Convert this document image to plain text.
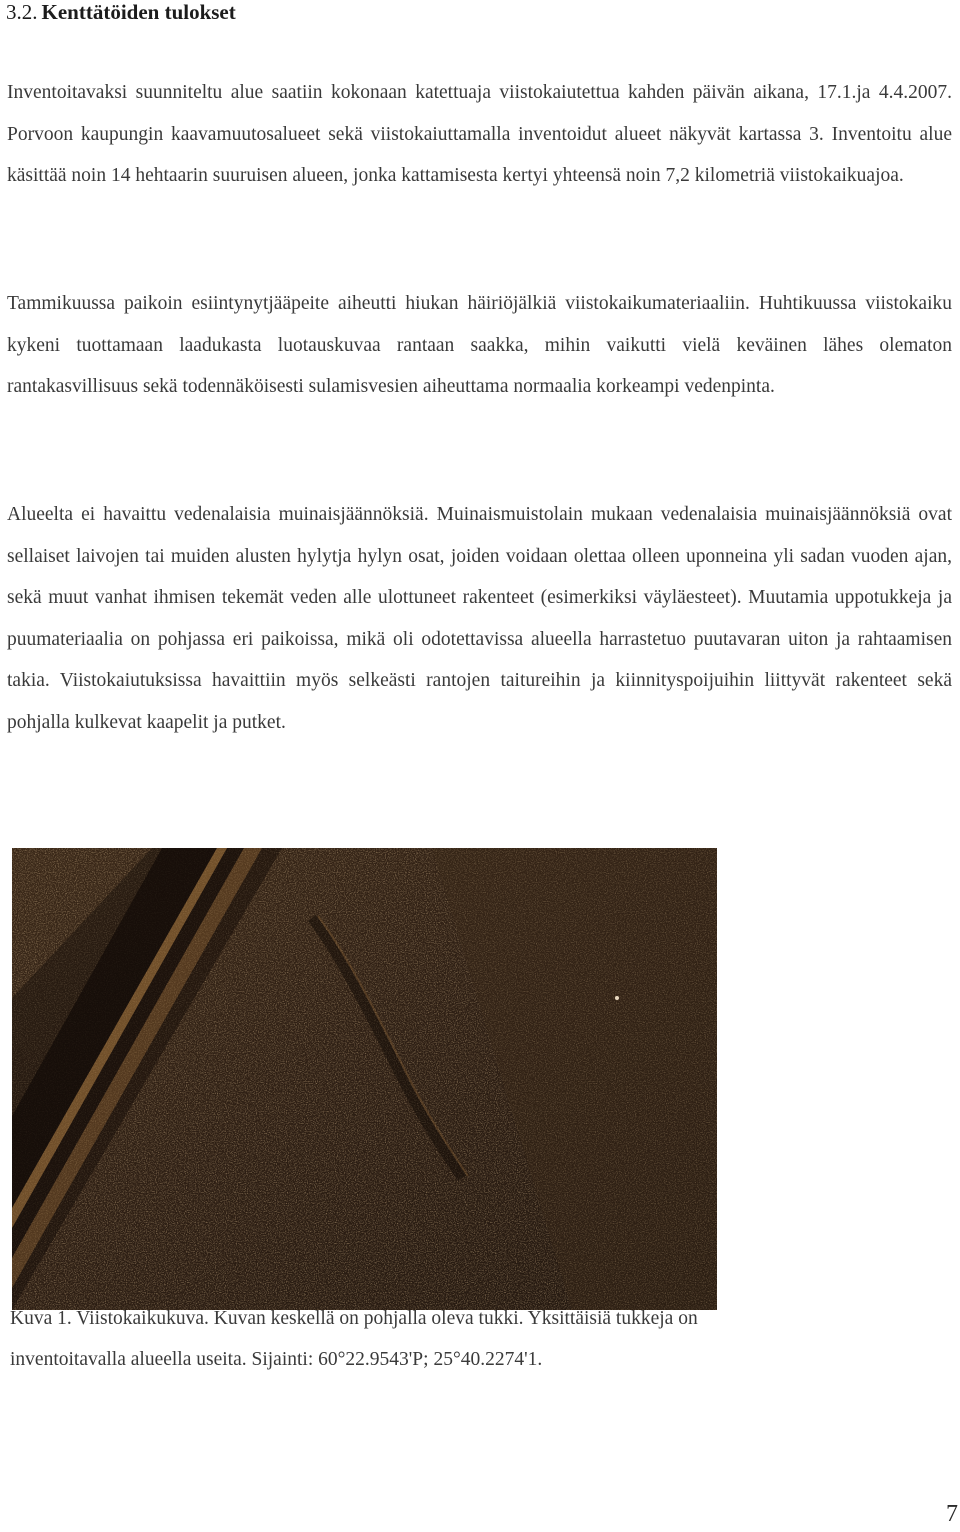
3.2. Kenttätöiden tulokset

Inventoitavaksi suunniteltu alue saatiin kokonaan katettuaja viistokaiutettua kahden päivän aikana, 17.1.ja 4.4.2007. Porvoon kaupungin kaavamuutosalueet sekä viistokaiuttamalla inventoidut alueet näkyvät kartassa 3. Inventoitu alue käsittää noin 14 hehtaarin suuruisen alueen, jonka kattamisesta kertyi yhteensä noin 7,2 kilometriä viistokaikuajoa.

Tammikuussa paikoin esiintynytjääpeite aiheutti hiukan häiriöjälkiä viistokaikumateriaaliin. Huhtikuussa viistokaiku kykeni tuottamaan laadukasta luotauskuvaa rantaan saakka, mihin vaikutti vielä keväinen lähes olematon rantakasvillisuus sekä todennäköisesti sulamisvesien aiheuttama normaalia korkeampi vedenpinta.

Alueelta ei havaittu vedenalaisia muinaisjäännöksiä. Muinaismuistolain mukaan vedenalaisia muinaisjäännöksiä ovat sellaiset laivojen tai muiden alusten hylytja hylyn osat, joiden voidaan olettaa olleen uponneina yli sadan vuoden ajan, sekä muut vanhat ihmisen tekemät veden alle ulottuneet rakenteet (esimerkiksi väyläesteet). Muutamia uppotukkeja ja puumateriaalia on pohjassa eri paikoissa, mikä oli odotettavissa alueella harrastetuo puutavaran uiton ja rahtaamisen takia. Viistokaiutuksissa havaittiin myös selkeästi rantojen taitureihin ja kiinnityspoijuihin liittyvät rakenteet sekä pohjalla kulkevat kaapelit ja putket.

Kuva 1. Viistokaikukuva. Kuvan keskellä on pohjalla oleva tukki. Yksittäisiä tukkeja on
inventoitavalla alueella useita. Sijainti: 60°22.9543'P; 25°40.2274'1.

7
